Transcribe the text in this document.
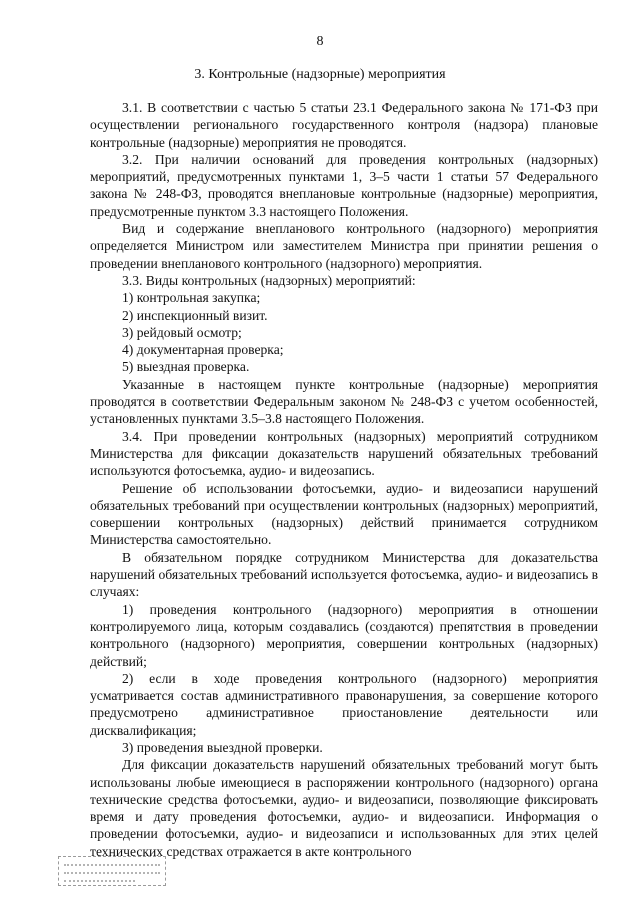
8
3. Контрольные (надзорные) мероприятия

3.1. В соответствии с частью 5 статьи 23.1 Федерального закона № 171-ФЗ при осуществлении регионального государственного контроля (надзора) плановые контрольные (надзорные) мероприятия не проводятся.

3.2. При наличии оснований для проведения контрольных (надзорных) мероприятий, предусмотренных пунктами 1, 3–5 части 1 статьи 57 Федерального закона № 248-ФЗ, проводятся внеплановые контрольные (надзорные) мероприятия, предусмотренные пунктом 3.3 настоящего Положения.

Вид и содержание внепланового контрольного (надзорного) мероприятия определяется Министром или заместителем Министра при принятии решения о проведении внепланового контрольного (надзорного) мероприятия.

3.3. Виды контрольных (надзорных) мероприятий:

1) контрольная закупка;

2) инспекционный визит.

3) рейдовый осмотр;

4) документарная проверка;

5) выездная проверка.

Указанные в настоящем пункте контрольные (надзорные) мероприятия проводятся в соответствии Федеральным законом № 248-ФЗ с учетом особенностей, установленных пунктами 3.5–3.8 настоящего Положения.

3.4. При проведении контрольных (надзорных) мероприятий сотрудником Министерства для фиксации доказательств нарушений обязательных требований используются фотосъемка, аудио- и видеозапись.

Решение об использовании фотосъемки, аудио- и видеозаписи нарушений обязательных требований при осуществлении контрольных (надзорных) мероприятий, совершении контрольных (надзорных) действий принимается сотрудником Министерства самостоятельно.

В обязательном порядке сотрудником Министерства для доказательства нарушений обязательных требований используется фотосъемка, аудио- и видеозапись в случаях:

1) проведения контрольного (надзорного) мероприятия в отношении контролируемого лица, которым создавались (создаются) препятствия в проведении контрольного (надзорного) мероприятия, совершении контрольных (надзорных) действий;

2) если в ходе проведения контрольного (надзорного) мероприятия усматривается состав административного правонарушения, за совершение которого предусмотрено административное приостановление деятельности или дисквалификация;

3) проведения выездной проверки.

Для фиксации доказательств нарушений обязательных требований могут быть использованы любые имеющиеся в распоряжении контрольного (надзорного) органа технические средства фотосъемки, аудио- и видеозаписи, позволяющие фиксировать время и дату проведения фотосъемки, аудио- и видеозаписи. Информация о проведении фотосъемки, аудио- и видеозаписи и использованных для этих целей технических средствах отражается в акте контрольного
